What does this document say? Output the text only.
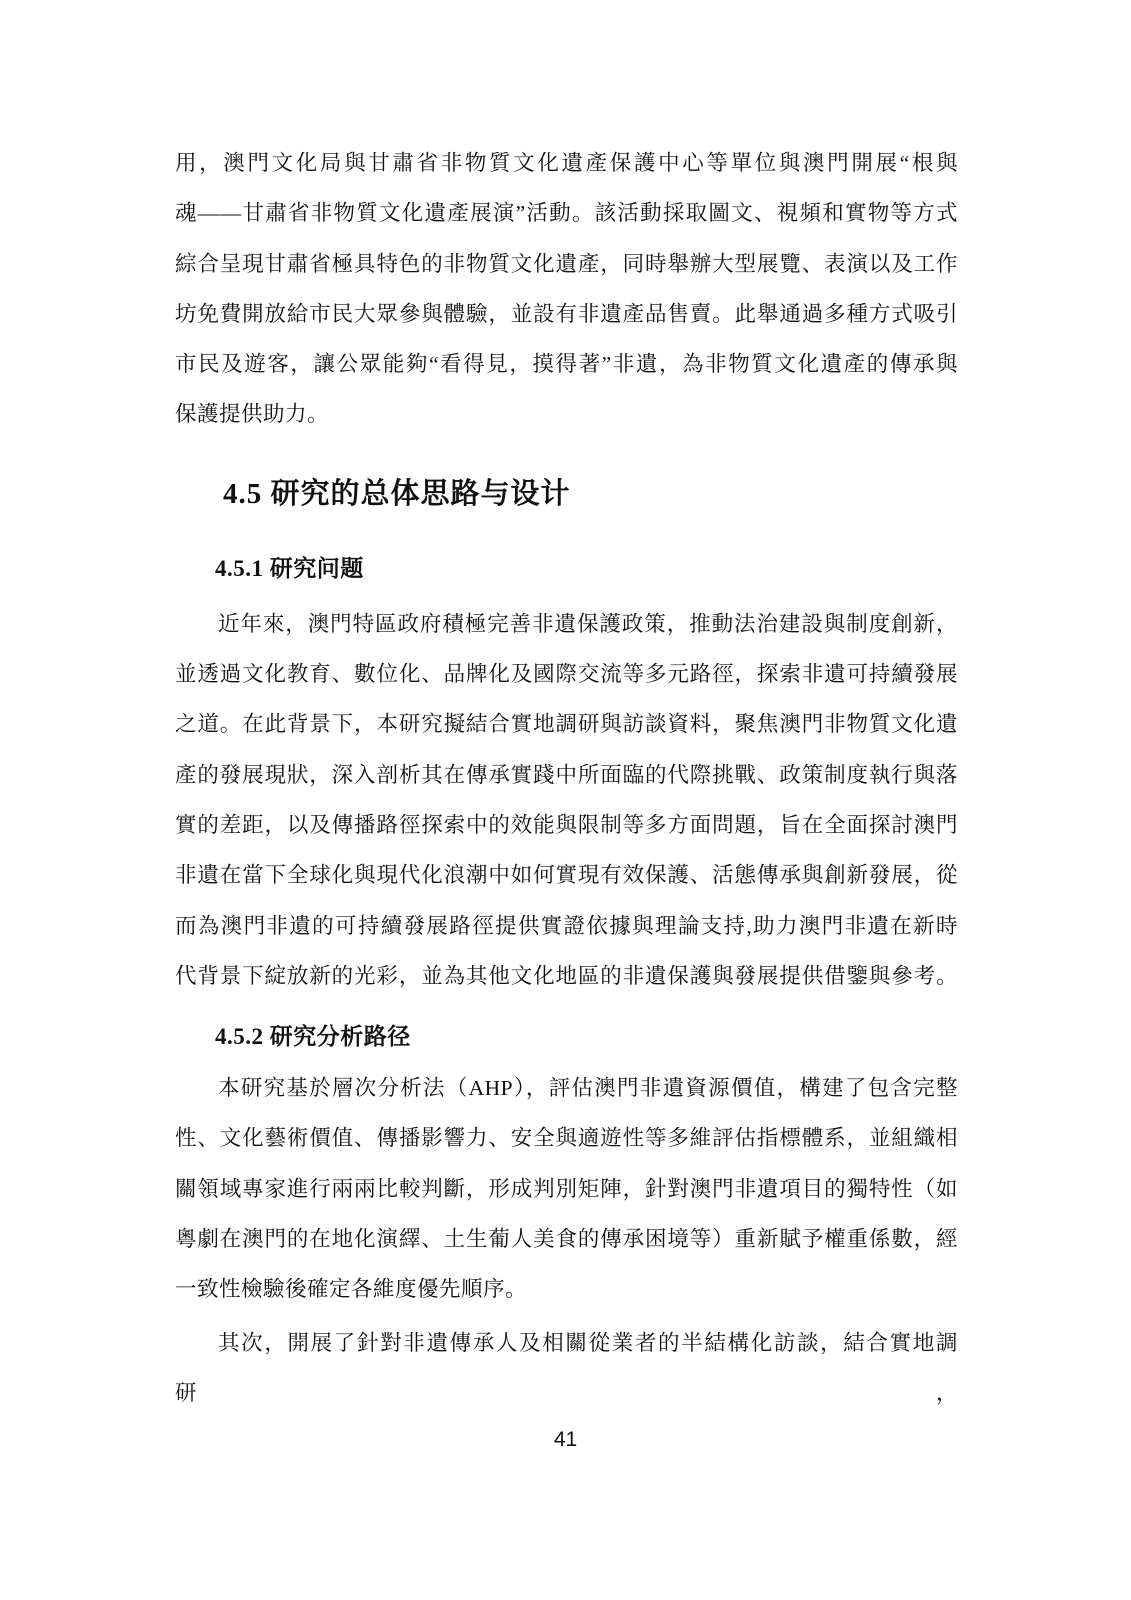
用，澳門文化局與甘肅省非物質文化遺產保護中心等單位與澳門開展“根與
魂——甘肅省非物質文化遺產展演”活動。該活動採取圖文、視頻和實物等方式
綜合呈現甘肅省極具特色的非物質文化遺產，同時舉辦大型展覽、表演以及工作
坊免費開放給市民大眾參與體驗，並設有非遺產品售賣。此舉通過多種方式吸引
市民及遊客，讓公眾能夠“看得見，摸得著”非遺，為非物質文化遺產的傳承與
保護提供助力。
4.5 研究的总体思路与设计
4.5.1 研究问题
近年來，澳門特區政府積極完善非遺保護政策，推動法治建設與制度創新，
並透過文化教育、數位化、品牌化及國際交流等多元路徑，探索非遺可持續發展
之道。在此背景下，本研究擬結合實地調研與訪談資料，聚焦澳門非物質文化遺
產的發展現狀，深入剖析其在傳承實踐中所面臨的代際挑戰、政策制度執行與落
實的差距，以及傳播路徑探索中的效能與限制等多方面問題，旨在全面探討澳門
非遺在當下全球化與現代化浪潮中如何實現有效保護、活態傳承與創新發展，從
而為澳門非遺的可持續發展路徑提供實證依據與理論支持,助力澳門非遺在新時
代背景下綻放新的光彩，並為其他文化地區的非遺保護與發展提供借鑒與參考。
4.5.2 研究分析路径
本研究基於層次分析法（AHP），評估澳門非遺資源價值，構建了包含完整
性、文化藝術價值、傳播影響力、安全與適遊性等多維評估指標體系，並組織相
關領域專家進行兩兩比較判斷，形成判別矩陣，針對澳門非遺項目的獨特性（如
粵劇在澳門的在地化演繹、土生葡人美食的傳承困境等）重新賦予權重係數，經
一致性檢驗後確定各維度優先順序。
其次，開展了針對非遺傳承人及相關從業者的半結構化訪談，結合實地調研，
41
